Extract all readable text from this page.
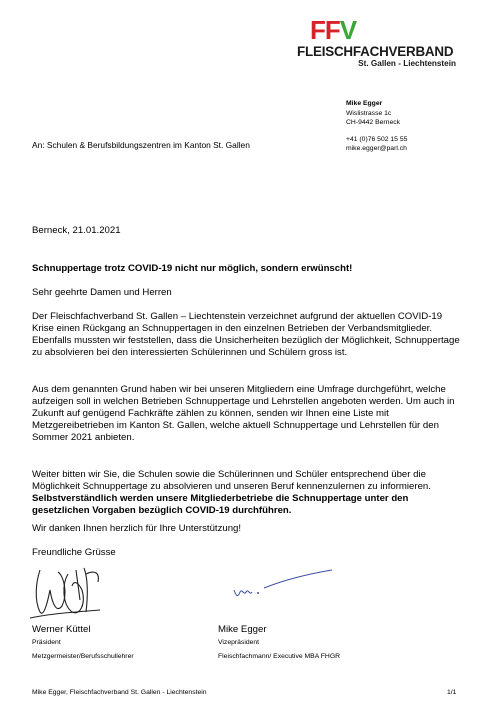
FFV
FLEISCHFACHVERBAND
St. Gallen - Liechtenstein
Mike Egger
Wislistrasse 1c
CH-9442 Berneck
+41 (0)76 502 15 55
mike.egger@parl.ch
An: Schulen & Berufsbildungszentren im Kanton St. Gallen
Berneck, 21.01.2021
Schnuppertage trotz COVID-19 nicht nur möglich, sondern erwünscht!
Sehr geehrte Damen und Herren

Der Fleischfachverband St. Gallen – Liechtenstein verzeichnet aufgrund der aktuellen COVID-19 Krise einen Rückgang an Schnuppertagen in den einzelnen Betrieben der Verbandsmitglieder. Ebenfalls mussten wir feststellen, dass die Unsicherheiten bezüglich der Möglichkeit, Schnuppertage zu absolvieren bei den interessierten Schülerinnen und Schülern gross ist.

Aus dem genannten Grund haben wir bei unseren Mitgliedern eine Umfrage durchgeführt, welche aufzeigen soll in welchen Betrieben Schnuppertage und Lehrstellen angeboten werden. Um auch in Zukunft auf genügend Fachkräfte zählen zu können, senden wir Ihnen eine Liste mit Metzgereibetrieben im Kanton St. Gallen, welche aktuell Schnuppertage und Lehrstellen für den Sommer 2021 anbieten.

Weiter bitten wir Sie, die Schulen sowie die Schülerinnen und Schüler entsprechend über die Möglichkeit Schnuppertage zu absolvieren und unseren Beruf kennenzulernen zu informieren. Selbstverständlich werden unsere Mitgliederbetriebe die Schnuppertage unter den gesetzlichen Vorgaben bezüglich COVID-19 durchführen.

Wir danken Ihnen herzlich für Ihre Unterstützung!

Freundliche Grüsse
Werner Küttel
Präsident
Metzgermeister/Berufsschullehrer
Mike Egger
Vizepräsident
Fleischfachmann/ Executive MBA FHGR
Mike Egger, Fleischfachverband St. Gallen - Liechtenstein	1/1
